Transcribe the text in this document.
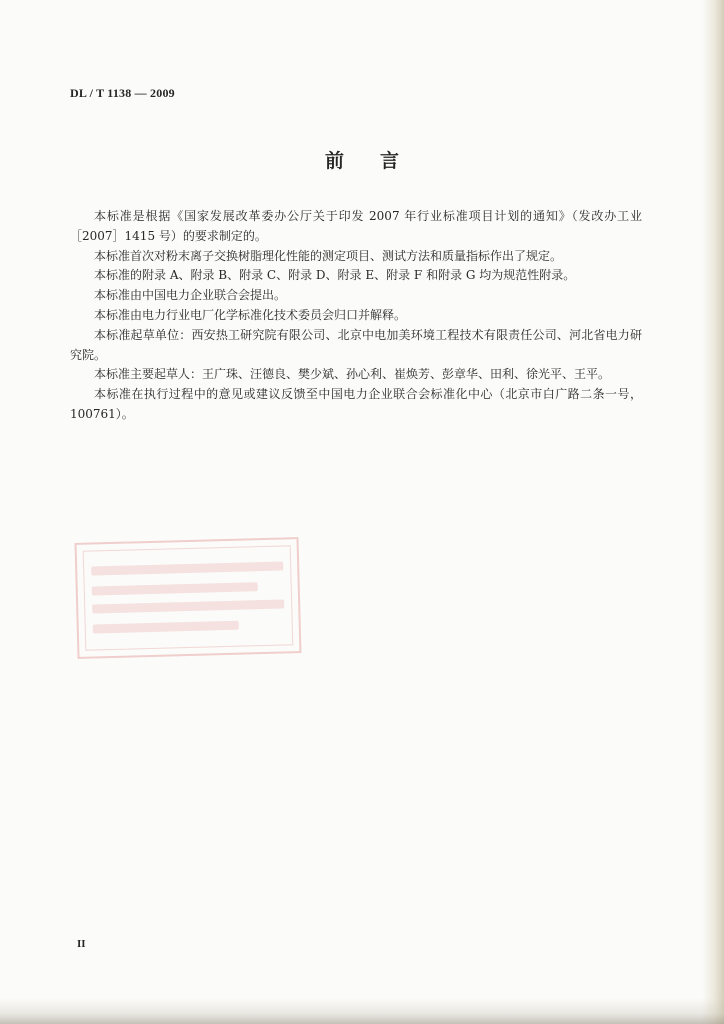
DL / T 1138 — 2009
前言

本标准是根据《国家发展改革委办公厅关于印发 2007 年行业标准项目计划的通知》（发改办工业［2007］1415 号）的要求制定的。

本标准首次对粉末离子交换树脂理化性能的测定项目、测试方法和质量指标作出了规定。

本标准的附录 A、附录 B、附录 C、附录 D、附录 E、附录 F 和附录 G 均为规范性附录。

本标准由中国电力企业联合会提出。

本标准由电力行业电厂化学标准化技术委员会归口并解释。

本标准起草单位：西安热工研究院有限公司、北京中电加美环境工程技术有限责任公司、河北省电力研究院。

本标准主要起草人：王广珠、汪德良、樊少斌、孙心利、崔焕芳、彭章华、田利、徐光平、王平。

本标准在执行过程中的意见或建议反馈至中国电力企业联合会标准化中心（北京市白广路二条一号，100761）。

II
